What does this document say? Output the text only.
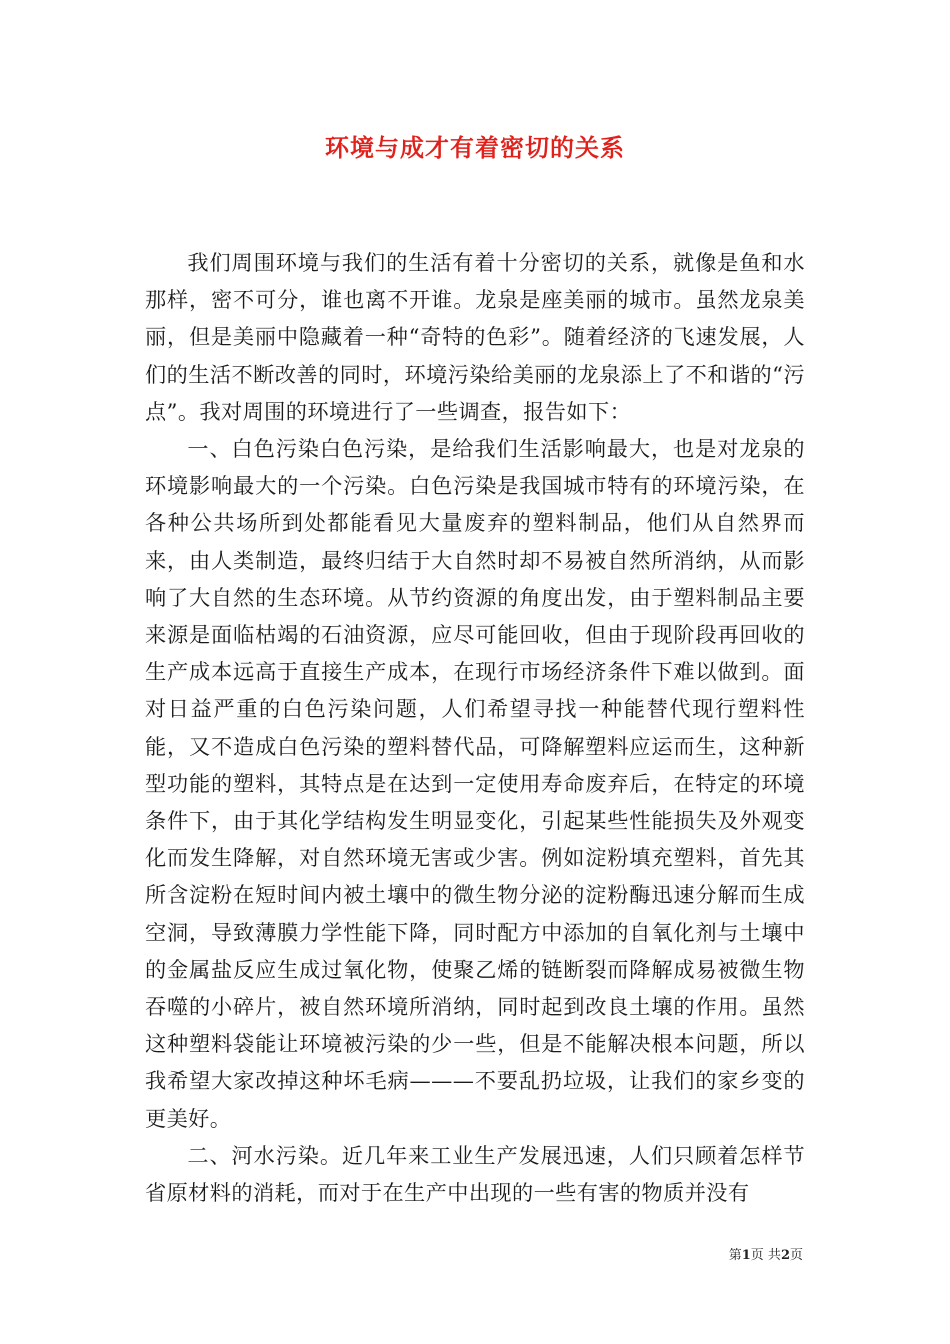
环境与成才有着密切的关系

我们周围环境与我们的生活有着十分密切的关系，就像是鱼和水那样，密不可分，谁也离不开谁。龙泉是座美丽的城市。虽然龙泉美丽，但是美丽中隐藏着一种“奇特的色彩”。随着经济的飞速发展，人们的生活不断改善的同时，环境污染给美丽的龙泉添上了不和谐的“污点”。我对周围的环境进行了一些调查，报告如下：

一、白色污染白色污染，是给我们生活影响最大，也是对龙泉的环境影响最大的一个污染。白色污染是我国城市特有的环境污染，在各种公共场所到处都能看见大量废弃的塑料制品，他们从自然界而来，由人类制造，最终归结于大自然时却不易被自然所消纳，从而影响了大自然的生态环境。从节约资源的角度出发，由于塑料制品主要来源是面临枯竭的石油资源，应尽可能回收，但由于现阶段再回收的生产成本远高于直接生产成本，在现行市场经济条件下难以做到。面对日益严重的白色污染问题，人们希望寻找一种能替代现行塑料性能，又不造成白色污染的塑料替代品，可降解塑料应运而生，这种新型功能的塑料，其特点是在达到一定使用寿命废弃后，在特定的环境条件下，由于其化学结构发生明显变化，引起某些性能损失及外观变化而发生降解，对自然环境无害或少害。例如淀粉填充塑料，首先其所含淀粉在短时间内被土壤中的微生物分泌的淀粉酶迅速分解而生成空洞，导致薄膜力学性能下降，同时配方中添加的自氧化剂与土壤中的金属盐反应生成过氧化物，使聚乙烯的链断裂而降解成易被微生物吞噬的小碎片，被自然环境所消纳，同时起到改良土壤的作用。虽然这种塑料袋能让环境被污染的少一些，但是不能解决根本问题，所以我希望大家改掉这种坏毛病———不要乱扔垃圾，让我们的家乡变的更美好。

二、河水污染。近几年来工业生产发展迅速，人们只顾着怎样节省原材料的消耗，而对于在生产中出现的一些有害的物质并没有

第1页 共2页
